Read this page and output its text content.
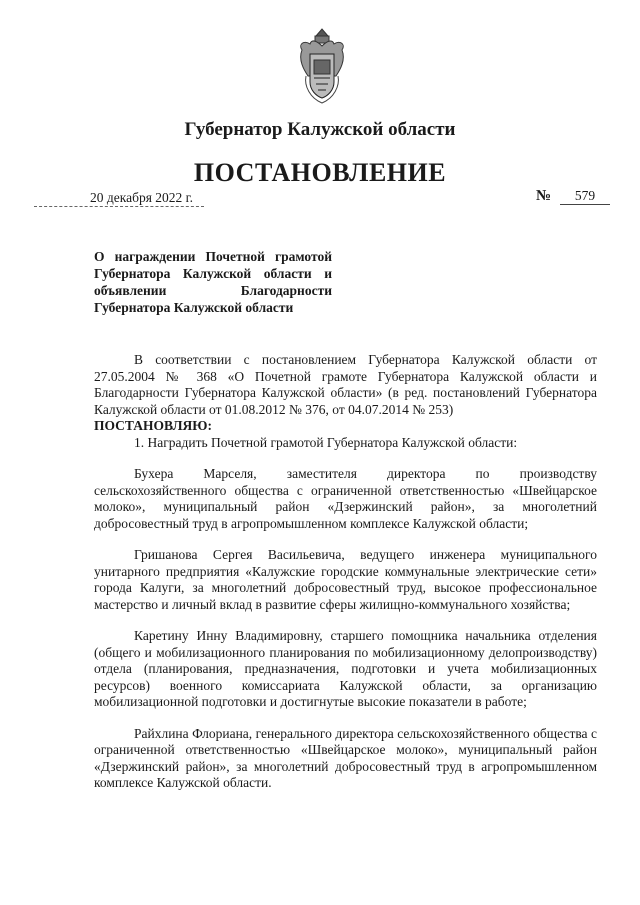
Губернатор Калужской области
ПОСТАНОВЛЕНИЕ
20 декабря 2022 г.	№	579
О награждении Почетной грамотой Губернатора Калужской области и объявлении Благодарности Губернатора Калужской области

В соответствии с постановлением Губернатора Калужской области от 27.05.2004 № 368 «О Почетной грамоте Губернатора Калужской области и Благодарности Губернатора Калужской области» (в ред. постановлений Губернатора Калужской области от 01.08.2012 № 376, от 04.07.2014 № 253)

ПОСТАНОВЛЯЮ:

1. Наградить Почетной грамотой Губернатора Калужской области:

Бухера Марселя, заместителя директора по производству сельскохозяйственного общества с ограниченной ответственностью «Швейцарское молоко», муниципальный район «Дзержинский район», за многолетний добросовестный труд в агропромышленном комплексе Калужской области;

Гришанова Сергея Васильевича, ведущего инженера муниципального унитарного предприятия «Калужские городские коммунальные электрические сети» города Калуги, за многолетний добросовестный труд, высокое профессиональное мастерство и личный вклад в развитие сферы жилищно-коммунального хозяйства;

Каретину Инну Владимировну, старшего помощника начальника отделения (общего и мобилизационного планирования по мобилизационному делопроизводству) отдела (планирования, предназначения, подготовки и учета мобилизационных ресурсов) военного комиссариата Калужской области, за организацию мобилизационной подготовки и достигнутые высокие показатели в работе;

Райхлина Флориана, генерального директора сельскохозяйственного общества с ограниченной ответственностью «Швейцарское молоко», муниципальный район «Дзержинский район», за многолетний добросовестный труд в агропромышленном комплексе Калужской области.
